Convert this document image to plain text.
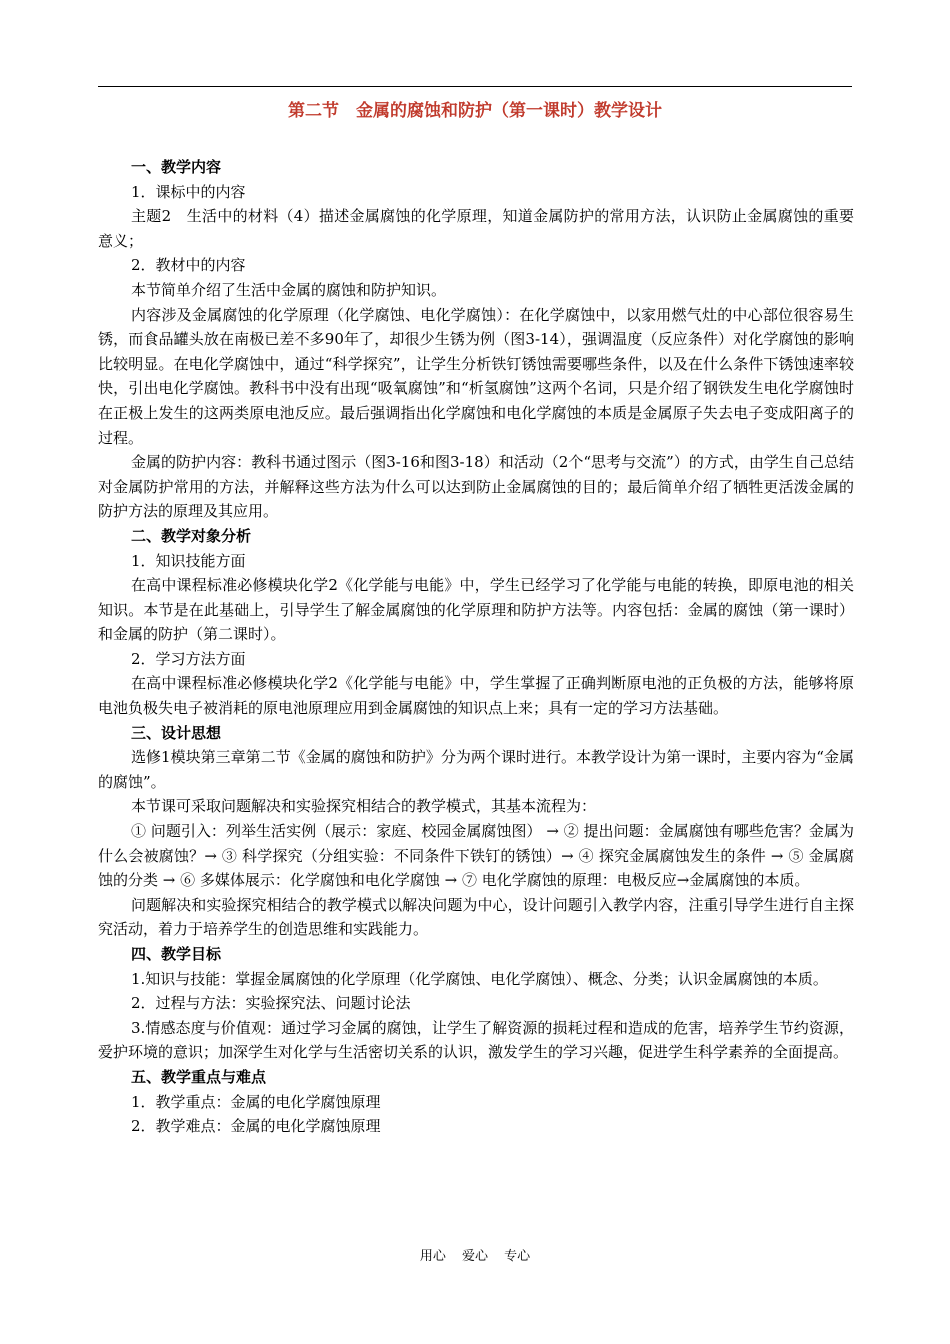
第二节　金属的腐蚀和防护（第一课时）教学设计

一、教学内容

1．课标中的内容

主题2　生活中的材料（4）描述金属腐蚀的化学原理，知道金属防护的常用方法，认识防止金属腐蚀的重要意义；

2．教材中的内容

本节简单介绍了生活中金属的腐蚀和防护知识。

内容涉及金属腐蚀的化学原理（化学腐蚀、电化学腐蚀）：在化学腐蚀中，以家用燃气灶的中心部位很容易生锈，而食品罐头放在南极已差不多90年了，却很少生锈为例（图3-14），强调温度（反应条件）对化学腐蚀的影响比较明显。在电化学腐蚀中，通过“科学探究”，让学生分析铁钉锈蚀需要哪些条件，以及在什么条件下锈蚀速率较快，引出电化学腐蚀。教科书中没有出现“吸氧腐蚀”和“析氢腐蚀”这两个名词，只是介绍了钢铁发生电化学腐蚀时在正极上发生的这两类原电池反应。最后强调指出化学腐蚀和电化学腐蚀的本质是金属原子失去电子变成阳离子的过程。

金属的防护内容：教科书通过图示（图3-16和图3-18）和活动（2个“思考与交流”）的方式，由学生自己总结对金属防护常用的方法，并解释这些方法为什么可以达到防止金属腐蚀的目的；最后简单介绍了牺牲更活泼金属的防护方法的原理及其应用。

二、教学对象分析

1．知识技能方面

在高中课程标准必修模块化学2《化学能与电能》中，学生已经学习了化学能与电能的转换，即原电池的相关知识。本节是在此基础上，引导学生了解金属腐蚀的化学原理和防护方法等。内容包括：金属的腐蚀（第一课时）和金属的防护（第二课时）。

2．学习方法方面

在高中课程标准必修模块化学2《化学能与电能》中，学生掌握了正确判断原电池的正负极的方法，能够将原电池负极失电子被消耗的原电池原理应用到金属腐蚀的知识点上来；具有一定的学习方法基础。

三、设计思想

选修1模块第三章第二节《金属的腐蚀和防护》分为两个课时进行。本教学设计为第一课时，主要内容为“金属的腐蚀”。

本节课可采取问题解决和实验探究相结合的教学模式，其基本流程为：

① 问题引入：列举生活实例（展示：家庭、校园金属腐蚀图） → ② 提出问题：金属腐蚀有哪些危害？金属为什么会被腐蚀？→ ③ 科学探究（分组实验：不同条件下铁钉的锈蚀）→ ④ 探究金属腐蚀发生的条件 → ⑤ 金属腐蚀的分类 → ⑥ 多媒体展示：化学腐蚀和电化学腐蚀 → ⑦ 电化学腐蚀的原理：电极反应→金属腐蚀的本质。

问题解决和实验探究相结合的教学模式以解决问题为中心，设计问题引入教学内容，注重引导学生进行自主探究活动，着力于培养学生的创造思维和实践能力。

四、教学目标

1.知识与技能：掌握金属腐蚀的化学原理（化学腐蚀、电化学腐蚀）、概念、分类；认识金属腐蚀的本质。

2．过程与方法：实验探究法、问题讨论法

3.情感态度与价值观：通过学习金属的腐蚀，让学生了解资源的损耗过程和造成的危害，培养学生节约资源，爱护环境的意识；加深学生对化学与生活密切关系的认识，激发学生的学习兴趣，促进学生科学素养的全面提高。

五、教学重点与难点

1．教学重点：金属的电化学腐蚀原理

2．教学难点：金属的电化学腐蚀原理

用心 爱心 专心
